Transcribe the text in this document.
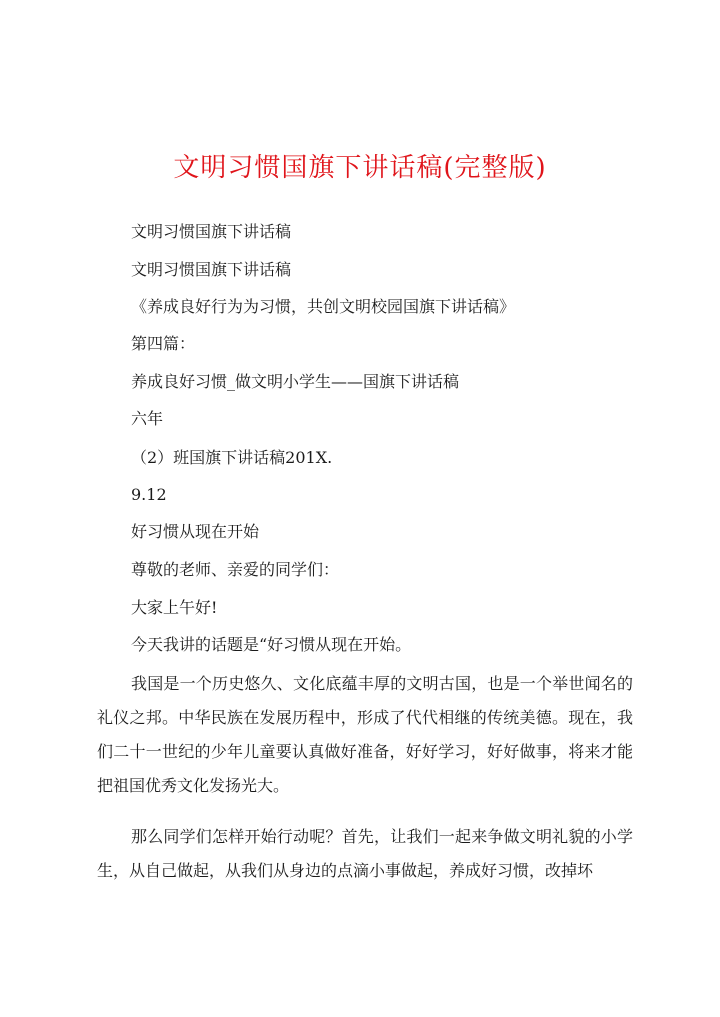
文明习惯国旗下讲话稿(完整版)

文明习惯国旗下讲话稿

文明习惯国旗下讲话稿

《养成良好行为为习惯，共创文明校园国旗下讲话稿》

第四篇：

养成良好习惯_做文明小学生——国旗下讲话稿

六年

（2）班国旗下讲话稿201X.

9.12

好习惯从现在开始

尊敬的老师、亲爱的同学们：

大家上午好!

今天我讲的话题是“好习惯从现在开始。

我国是一个历史悠久、文化底蕴丰厚的文明古国，也是一个举世闻名的礼仪之邦。中华民族在发展历程中，形成了代代相继的传统美德。现在，我们二十一世纪的少年儿童要认真做好准备，好好学习，好好做事，将来才能把祖国优秀文化发扬光大。

那么同学们怎样开始行动呢？首先，让我们一起来争做文明礼貌的小学生，从自己做起，从我们从身边的点滴小事做起，养成好习惯，改掉坏
